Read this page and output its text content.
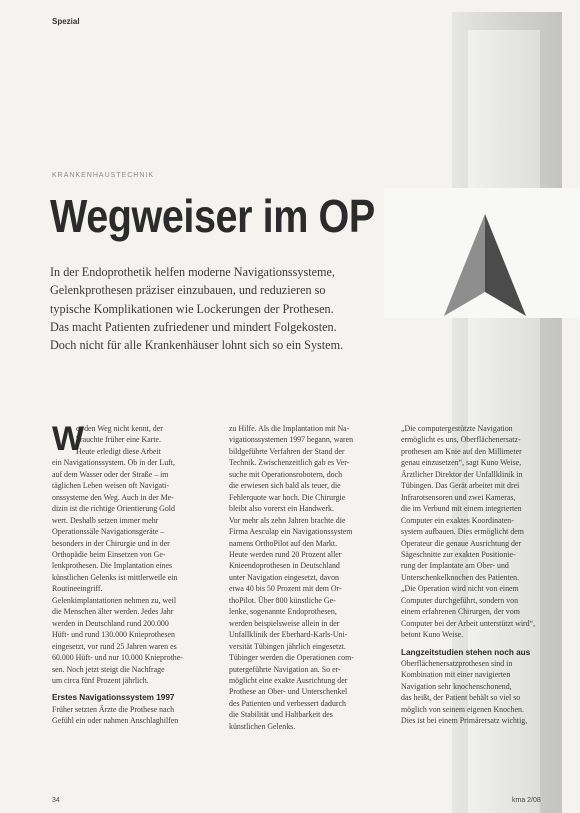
Spezial
KRANKENHAUSTECHNIK
Wegweiser im OP
In der Endoprothetik helfen moderne Navigationssysteme,
Gelenkprothesen präziser einzubauen, und reduzieren so
typische Komplikationen wie Lockerungen der Prothesen.
Das macht Patienten zufriedener und mindert Folgekosten.
Doch nicht für alle Krankenhäuser lohnt sich so ein System.
W
er den Weg nicht kennt, der
brauchte früher eine Karte.
Heute erledigt diese Arbeit
ein Navigationssystem. Ob in der Luft,
auf dem Wasser oder der Straße – im
täglichen Leben weisen oft Navigati-
onssysteme den Weg. Auch in der Me-
dizin ist die richtige Orientierung Gold
wert. Deshalb setzen immer mehr
Operationssäle Navigationsgeräte –
besonders in der Chirurgie und in der
Orthopädie beim Einsetzen von Ge-
lenkprothesen. Die Implantation eines
künstlichen Gelenks ist mittlerweile ein
Routineeingriff.
Gelenkimplantationen nehmen zu, weil
die Menschen älter werden. Jedes Jahr
werden in Deutschland rund 200.000
Hüft- und rund 130.000 Knieprothesen
eingesetzt, vor rund 25 Jahren waren es
60.000 Hüft- und nur 10.000 Knieprothe-
sen. Noch jetzt steigt die Nachfrage
um circa fünf Prozent jährlich.
Erstes Navigationssystem 1997
Früher setzten Ärzte die Prothese nach
Gefühl ein oder nahmen Anschlaghilfen
zu Hilfe. Als die Implantation mit Na-
vigationssystemen 1997 begann, waren
bildgeführte Verfahren der Stand der
Technik. Zwischenzeitlich gab es Ver-
suche mit Operationsrobotern, doch
die erwiesen sich bald als teuer, die
Fehlerquote war hoch. Die Chirurgie
bleibt also vorerst ein Handwerk.
Vor mehr als zehn Jahren brachte die
Firma Aesculap ein Navigationssystem
namens OrthoPilot auf den Markt.
Heute werden rund 20 Prozent aller
Knieendoprothesen in Deutschland
unter Navigation eingesetzt, davon
etwa 40 bis 50 Prozent mit dem Or-
thoPilot. Über 800 künstliche Ge-
lenke, sogenannte Endoprothesen,
werden beispielsweise allein in der
Unfallklinik der Eberhard-Karls-Uni-
versität Tübingen jährlich eingesetzt.
Tübinger werden die Operationen com-
putergeführte Navigation an. So er-
möglicht eine exakte Ausrichtung der
Prothese an Ober- und Unterschenkel
des Patienten und verbessert dadurch
die Stabilität und Haltbarkeit des
künstlichen Gelenks.
„Die computergestützte Navigation
ermöglicht es uns, Oberflächenersatz-
prothesen am Knie auf den Millimeter
genau einzusetzen“, sagt Kuno Weise,
Ärztlicher Direktor der Unfallklinik in
Tübingen. Das Gerät arbeitet mit drei
Infrarotsensoren und zwei Kameras,
die im Verbund mit einem integrierten
Computer ein exaktes Koordinaten-
system aufbauen. Dies ermöglicht dem
Operateur die genaue Ausrichtung der
Sägeschnitte zur exakten Positionie-
rung der Implantate am Ober- und
Unterschenkelknochen des Patienten.
„Die Operation wird nicht von einem
Computer durchgeführt, sondern von
einem erfahrenen Chirurgen, der vom
Computer bei der Arbeit unterstützt wird“,
betont Kuno Weise.
Langzeitstudien stehen noch aus
Oberflächenersatzprothesen sind in
Kombination mit einer navigierten
Navigation sehr knochenschonend,
das heißt, der Patient behält so viel so
möglich von seinem eigenen Knochen.
Dies ist bei einem Primärersatz wichtig,
34	kma 2/08
